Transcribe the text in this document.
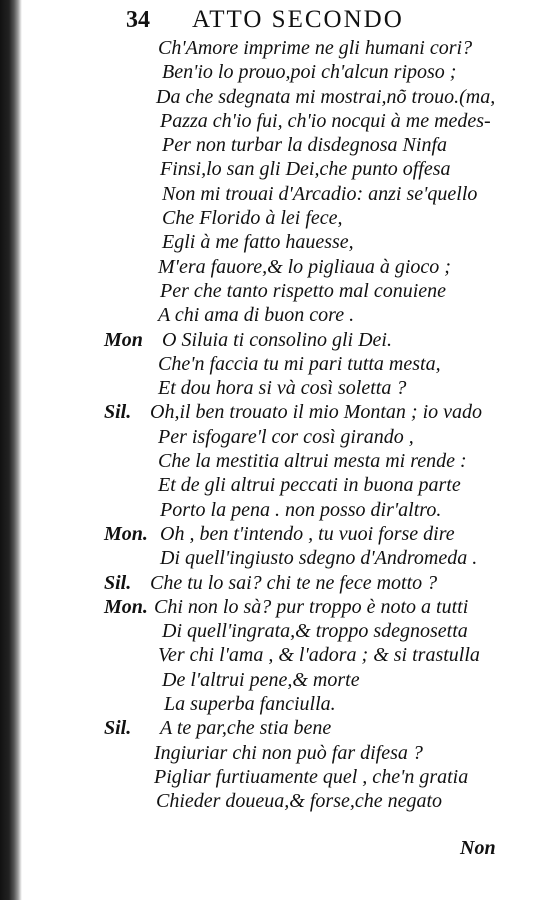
34 ATTO SECONDO
Ch'Amore imprime ne gli humani cori?
Ben'io lo prouo,poi ch'alcun riposo ;
Da che sdegnata mi mostrai,nõ trouo.(ma,
Pazza ch'io fui, ch'io nocqui à me medes-
Per non turbar la disdegnosa Ninfa
Finsi,lo san gli Dei,che punto offesa
Non mi trouai d'Arcadio: anzi se'quello
Che Florido à lei fece,
Egli à me fatto hauesse,
M'era fauore,& lo pigliaua à gioco ;
Per che tanto rispetto mal conuiene
A chi ama di buon core .
Mon O Siluia ti consolino gli Dei.
Che'n faccia tu mi pari tutta mesta,
Et dou hora si và così soletta ?
Sil. Oh,il ben trouato il mio Montan ; io vado
Per isfogare'l cor così girando ,
Che la mestitia altrui mesta mi rende :
Et de gli altrui peccati in buona parte
Porto la pena . non posso dir'altro.
Mon. Oh , ben t'intendo , tu vuoi forse dire
Di quell'ingiusto sdegno d'Andromeda .
Sil. Che tu lo sai? chi te ne fece motto ?
Mon. Chi non lo sà? pur troppo è noto a tutti
Di quell'ingrata,& troppo sdegnosetta
Ver chi l'ama , & l'adora ; & si trastulla
De l'altrui pene,& morte
La superba fanciulla.
Sil. A te par,che stia bene
Ingiuriar chi non può far difesa ?
Pigliar furtiuamente quel , che'n gratia
Chieder doueua,& forse,che negato
Non
